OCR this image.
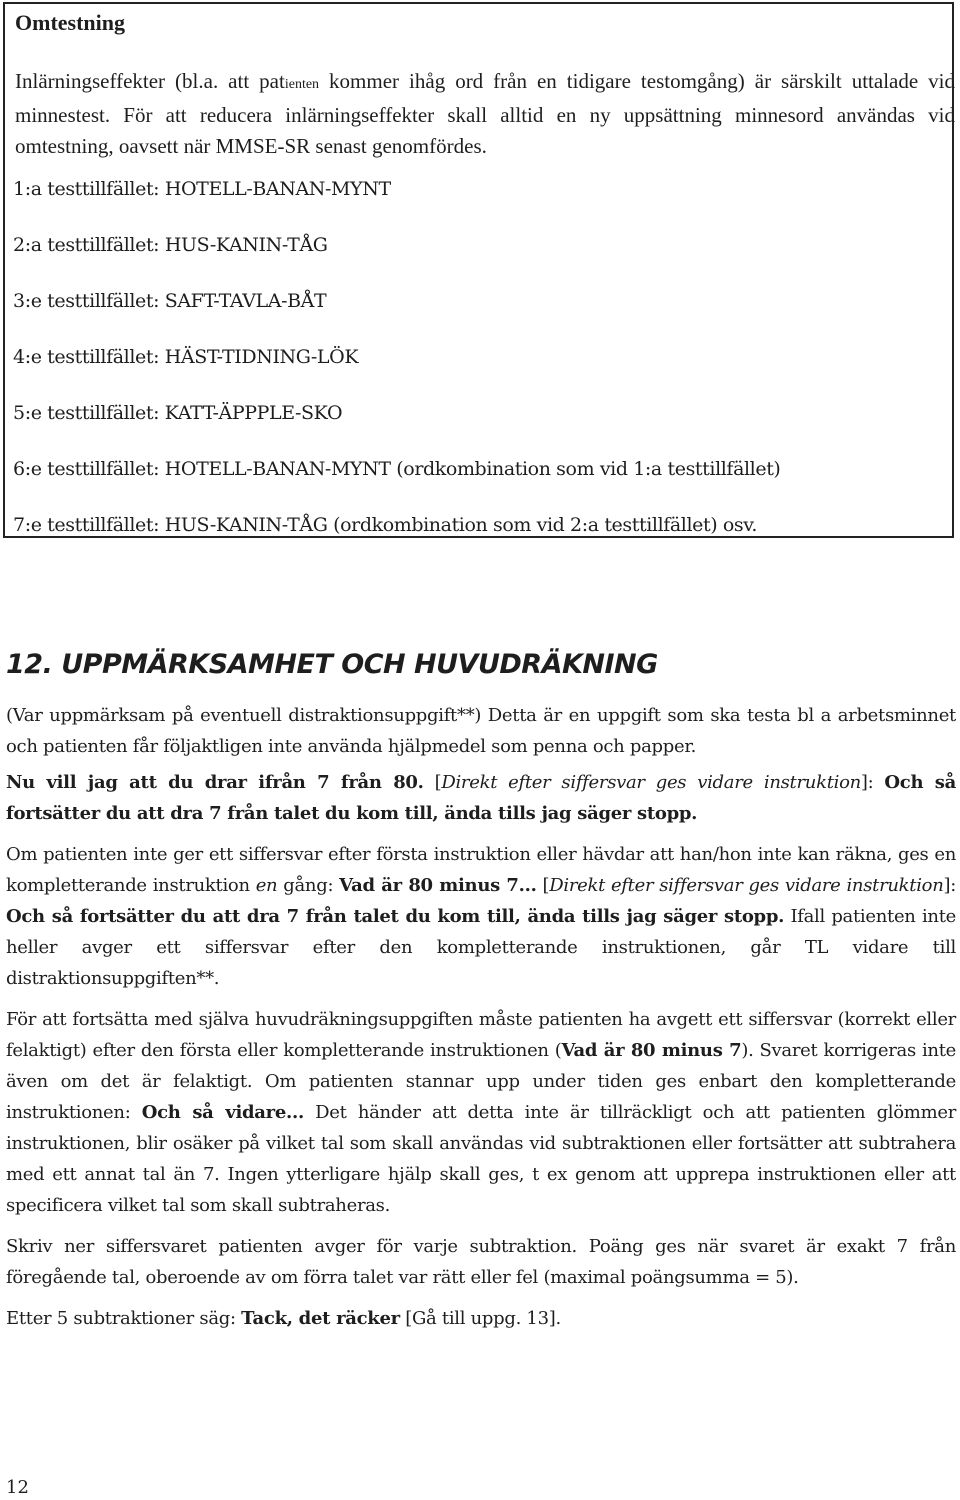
Omtestning
Inlärningseffekter (bl.a. att patienten kommer ihåg ord från en tidigare testomgång) är särskilt uttalade vid minnestest. För att reducera inlärningseffekter skall alltid en ny uppsättning minnesord användas vid omtestning, oavsett när MMSE-SR senast genomfördes.
1:a testtillfället: HOTELL-BANAN-MYNT
2:a testtillfället: HUS-KANIN-TÅG
3:e testtillfället: SAFT-TAVLA-BÅT
4:e testtillfället: HÄST-TIDNING-LÖK
5:e testtillfället: KATT-ÄPPPLE-SKO
6:e testtillfället: HOTELL-BANAN-MYNT (ordkombination som vid 1:a testtillfället)
7:e testtillfället: HUS-KANIN-TÅG (ordkombination som vid 2:a testtillfället) osv.
12. UPPMÄRKSAMHET OCH HUVUDRÄKNING

(Var uppmärksam på eventuell distraktionsuppgift**) Detta är en uppgift som ska testa bl a arbetsminnet och patienten får följaktligen inte använda hjälpmedel som penna och papper.

Nu vill jag att du drar ifrån 7 från 80. [Direkt efter siffersvar ges vidare instruktion]: Och så fortsätter du att dra 7 från talet du kom till, ända tills jag säger stopp.

Om patienten inte ger ett siffersvar efter första instruktion eller hävdar att han/hon inte kan räkna, ges en kompletterande instruktion en gång: Vad är 80 minus 7... [Direkt efter siffersvar ges vidare instruktion]: Och så fortsätter du att dra 7 från talet du kom till, ända tills jag säger stopp. Ifall patienten inte heller avger ett siffersvar efter den kompletterande instruktionen, går TL vidare till distraktionsuppgiften**.

För att fortsätta med själva huvudräkningsuppgiften måste patienten ha avgett ett siffersvar (korrekt eller felaktigt) efter den första eller kompletterande instruktionen (Vad är 80 minus 7). Svaret korrigeras inte även om det är felaktigt. Om patienten stannar upp under tiden ges enbart den kompletterande instruktionen: Och så vidare... Det händer att detta inte är tillräckligt och att patienten glömmer instruktionen, blir osäker på vilket tal som skall användas vid subtraktionen eller fortsätter att subtrahera med ett annat tal än 7. Ingen ytterligare hjälp skall ges, t ex genom att upprepa instruktionen eller att specificera vilket tal som skall subtraheras.

Skriv ner siffersvaret patienten avger för varje subtraktion. Poäng ges när svaret är exakt 7 från föregående tal, oberoende av om förra talet var rätt eller fel (maximal poängsumma = 5).

Etter 5 subtraktioner säg: Tack, det räcker [Gå till uppg. 13].

12
